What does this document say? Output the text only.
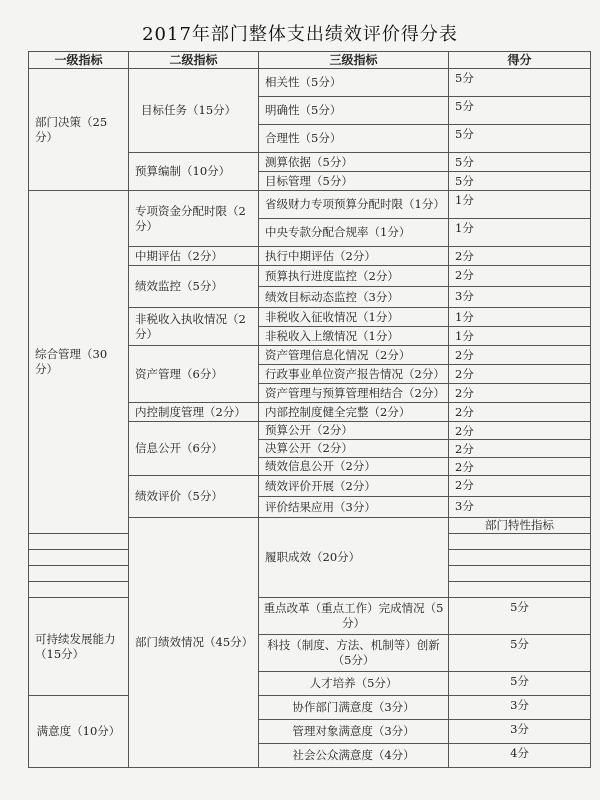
2017年部门整体支出绩效评价得分表
一级指标	二级指标	三级指标	得分	
部门决策（25分）	目标任务（15分）	相关性（5分）	5分	
		明确性（5分）	5分	
		合理性（5分）	5分	
	预算编制（10分）	测算依据（5分）	5分	
		目标管理（5分）	5分	
综合管理（30分）	专项资金分配时限（2分）	省级财力专项预算分配时限（1分）	1分	
		中央专款分配合规率（1分）	1分	
	中期评估（2分）	执行中期评估（2分）	2分	
	绩效监控（5分）	预算执行进度监控（2分）	2分	
		绩效目标动态监控（3分）	3分	
	非税收入执收情况（2分）	非税收入征收情况（1分）	1分	
		非税收入上缴情况（1分）	1分	
	资产管理（6分）	资产管理信息化情况（2分）	2分	
		行政事业单位资产报告情况（2分）	2分	
		资产管理与预算管理相结合（2分）	2分	
	内控制度管理（2分）	内部控制度健全完整（2分）	2分	
	信息公开（6分）	预算公开（2分）	2分	
		决算公开（2分）	2分	
		绩效信息公开（2分）	2分	
	绩效评价（5分）	绩效评价开展（2分）	2分	
		评价结果应用（3分）	3分	
	部门绩效情况（45分）	履职成效（20分）	部门特性指标	

可持续发展能力（15分）		重点改革（重点工作）完成情况（5分）	5分	
		科技（制度、方法、机制等）创新（5分）	5分	
		人才培养（5分）	5分	
满意度（10分）		协作部门满意度（3分）	3分	
		管理对象满意度（3分）	3分	
		社会公众满意度（4分）	4分	
